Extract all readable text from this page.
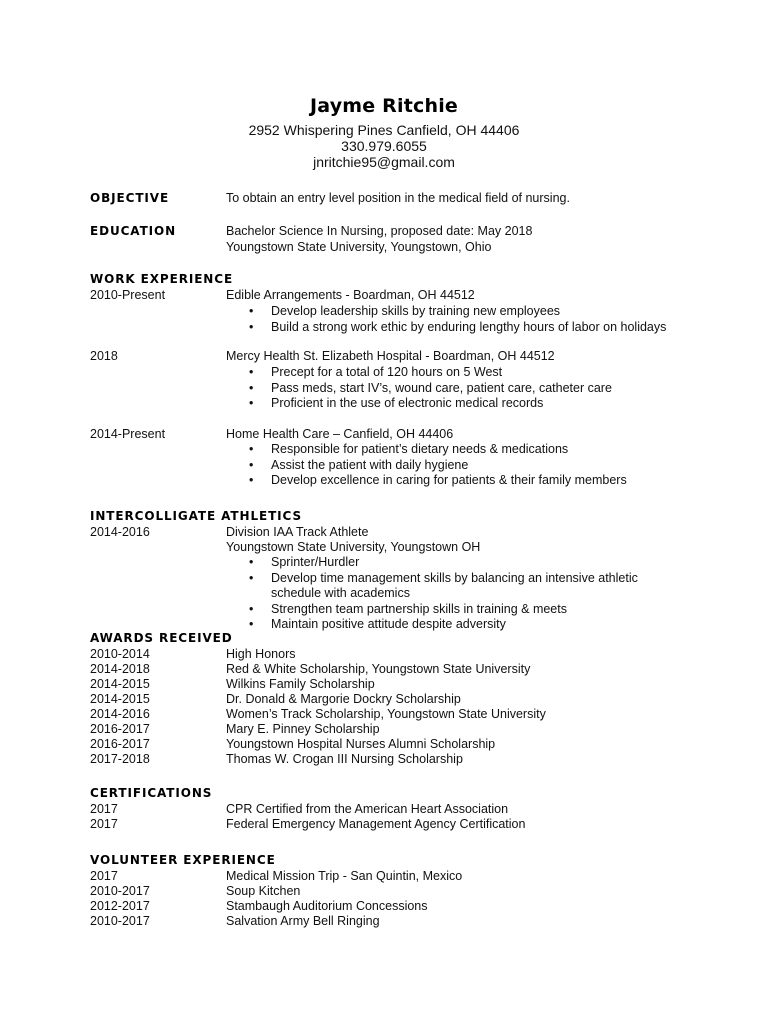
Jayme Ritchie
2952 Whispering Pines Canfield, OH 44406
330.979.6055
jnritchie95@gmail.com
OBJECTIVE	To obtain an entry level position in the medical field of nursing.
EDUCATION	Bachelor Science In Nursing, proposed date: May 2018
Youngstown State University, Youngstown, Ohio
WORK EXPERIENCE
2010-Present	Edible Arrangements - Boardman, OH 44512
• Develop leadership skills by training new employees
• Build a strong work ethic by enduring lengthy hours of labor on holidays
2018	Mercy Health St. Elizabeth Hospital - Boardman, OH 44512
• Precept for a total of 120 hours on 5 West
• Pass meds, start IV’s, wound care, patient care, catheter care
• Proficient in the use of electronic medical records
2014-Present	Home Health Care – Canfield, OH 44406
• Responsible for patient’s dietary needs & medications
• Assist the patient with daily hygiene
• Develop excellence in caring for patients & their family members
INTERCOLLIGATE ATHLETICS
2014-2016	Division IAA Track Athlete
Youngstown State University, Youngstown OH
• Sprinter/Hurdler
• Develop time management skills by balancing an intensive athletic
schedule with academics
• Strengthen team partnership skills in training & meets
• Maintain positive attitude despite adversity
AWARDS RECEIVED
2010-2014	High Honors
2014-2018	Red & White Scholarship, Youngstown State University
2014-2015	Wilkins Family Scholarship
2014-2015	Dr. Donald & Margorie Dockry Scholarship
2014-2016	Women’s Track Scholarship, Youngstown State University
2016-2017	Mary E. Pinney Scholarship
2016-2017	Youngstown Hospital Nurses Alumni Scholarship
2017-2018	Thomas W. Crogan III Nursing Scholarship
CERTIFICATIONS
2017	CPR Certified from the American Heart Association
2017	Federal Emergency Management Agency Certification
VOLUNTEER EXPERIENCE
2017	Medical Mission Trip - San Quintin, Mexico
2010-2017	Soup Kitchen
2012-2017	Stambaugh Auditorium Concessions
2010-2017	Salvation Army Bell Ringing
